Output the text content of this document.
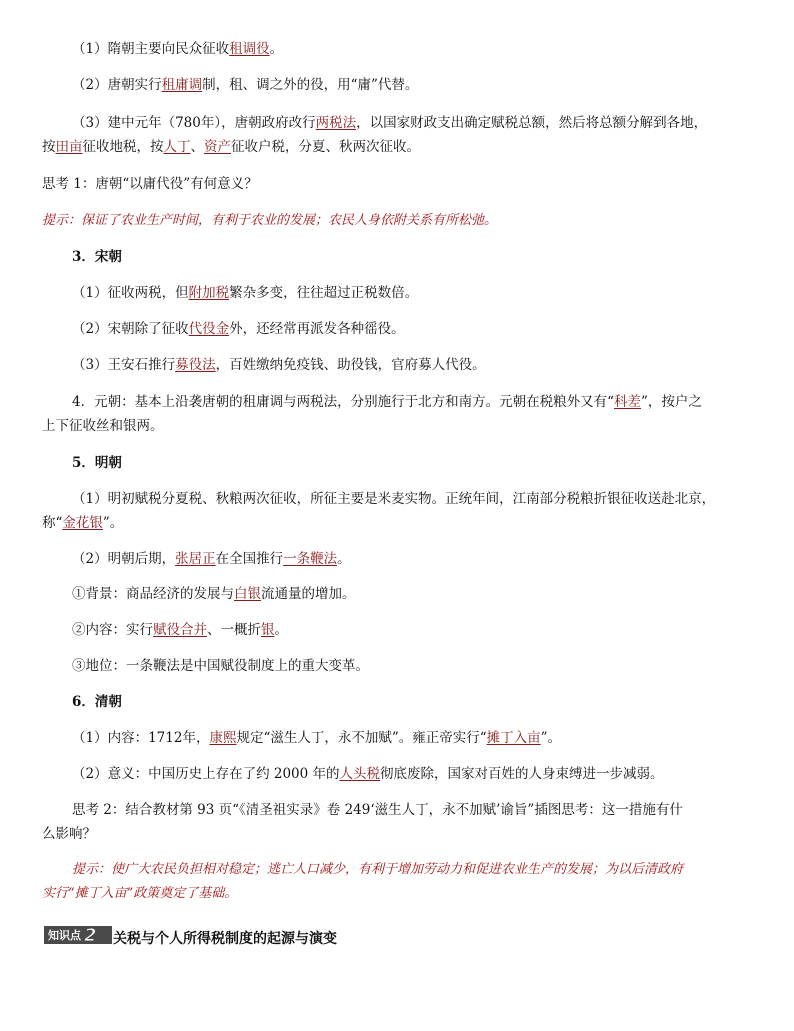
（1）隋朝主要向民众征收租调役。
（2）唐朝实行租庸调制，租、调之外的役，用“庸”代替。
（3）建中元年（780年），唐朝政府改行两税法，以国家财政支出确定赋税总额，然后将总额分解到各地，
按田亩征收地税，按人丁、资产征收户税，分夏、秋两次征收。
思考 1：唐朝“以庸代役”有何意义？
提示：保证了农业生产时间，有利于农业的发展；农民人身依附关系有所松弛。
3．宋朝
（1）征收两税，但附加税繁杂多变，往往超过正税数倍。
（2）宋朝除了征收代役金外，还经常再派发各种徭役。
（3）王安石推行募役法，百姓缴纳免疫钱、助役钱，官府募人代役。
4．元朝：基本上沿袭唐朝的租庸调与两税法，分别施行于北方和南方。元朝在税粮外又有“科差”，按户之
上下征收丝和银两。
5．明朝
（1）明初赋税分夏税、秋粮两次征收，所征主要是米麦实物。正统年间，江南部分税粮折银征收送赴北京，
称“金花银”。
（2）明朝后期，张居正在全国推行一条鞭法。
①背景：商品经济的发展与白银流通量的增加。
②内容：实行赋役合并、一概折银。
③地位：一条鞭法是中国赋役制度上的重大变革。
6．清朝
（1）内容：1712年，康熙规定“滋生人丁，永不加赋”。雍正帝实行“摊丁入亩”。
（2）意义：中国历史上存在了约 2000 年的人头税彻底废除，国家对百姓的人身束缚进一步减弱。
思考 2：结合教材第 93 页“《清圣祖实录》卷 249‘滋生人丁，永不加赋’谕旨”插图思考：这一措施有什
么影响？
提示：使广大农民负担相对稳定；逃亡人口减少，有利于增加劳动力和促进农业生产的发展；为以后清政府
实行“摊丁入亩”政策奠定了基础。
知识点 2 关税与个人所得税制度的起源与演变
